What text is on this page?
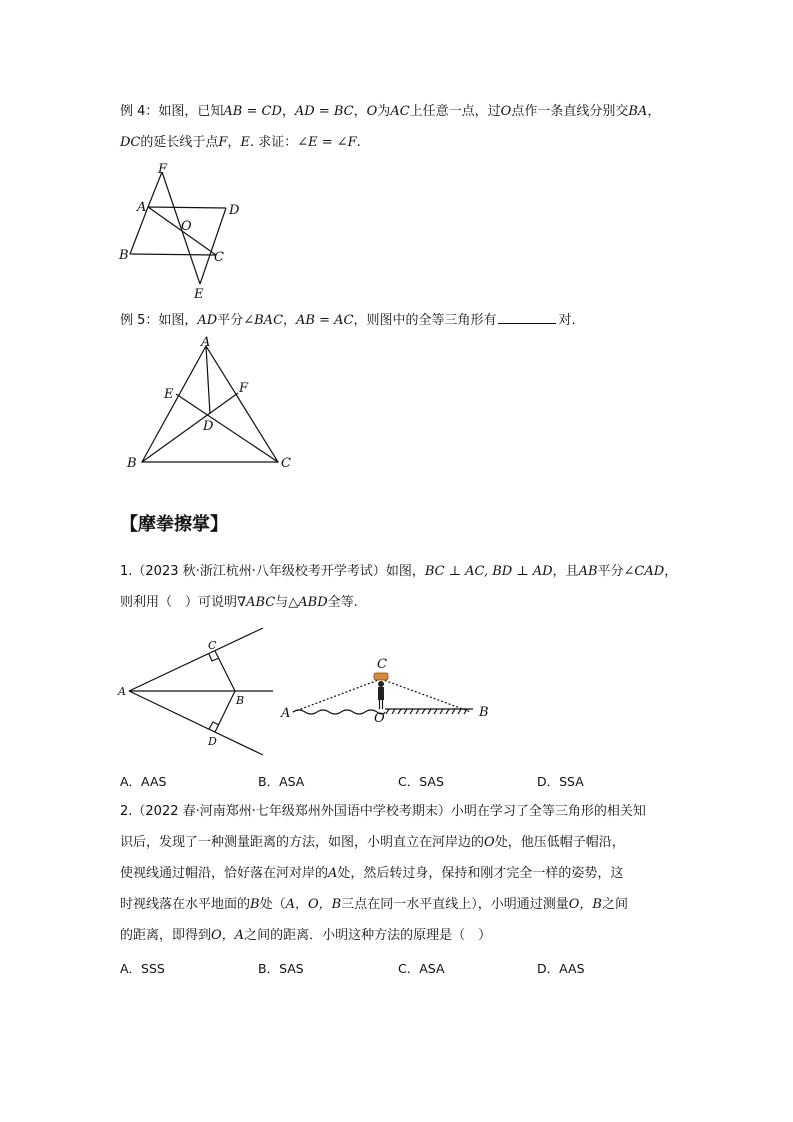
例 4：如图，已知AB = CD，AD = BC，O为AC上任意一点，过O点作一条直线分别交BA，
DC的延长线于点F，E. 求证：∠E = ∠F.
F
A	D
O
B	C
E
例 5：如图，AD平分∠BAC，AB = AC，则图中的全等三角形有	对.
A
E	F
D
B	C
【摩拳擦掌】
1.（2023 秋·浙江杭州·八年级校考开学考试）如图，BC ⊥ AC, BD ⊥ AD，且AB平分∠CAD，
则利用（　）可说明∇ABC与△ABD全等.
A
B
C
D
C
A	O	B
A．AAS	B．ASA	C．SAS	D．SSA
2.（2022 春·河南郑州·七年级郑州外国语中学校考期末）小明在学习了全等三角形的相关知
识后，发现了一种测量距离的方法，如图，小明直立在河岸边的O处，他压低帽子帽沿，
使视线通过帽沿，恰好落在河对岸的A处，然后转过身，保持和刚才完全一样的姿势，这
时视线落在水平地面的B处（A，O，B三点在同一水平直线上），小明通过测量O，B之间
的距离，即得到O，A之间的距离．小明这种方法的原理是（　）
A．SSS	B．SAS	C．ASA	D．AAS
